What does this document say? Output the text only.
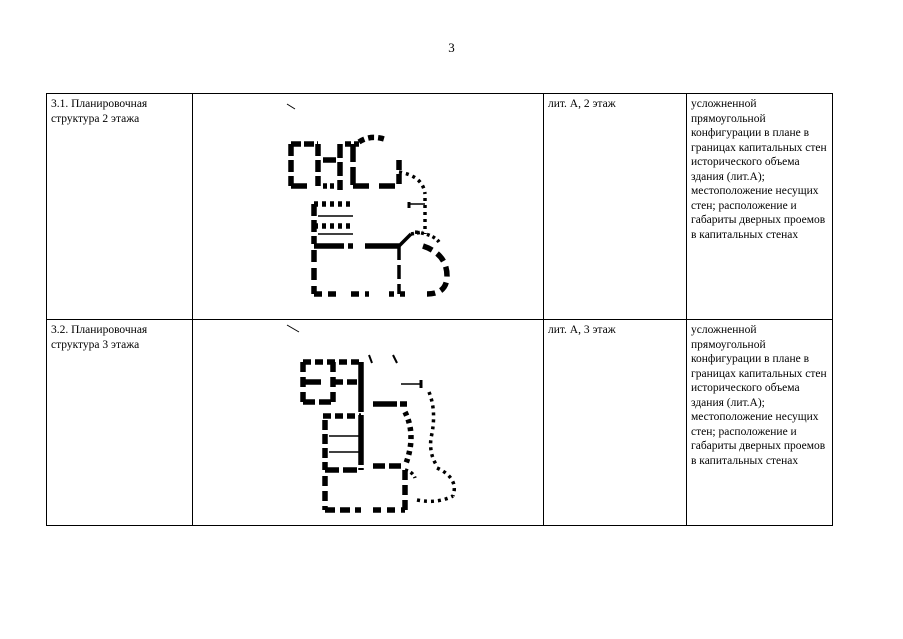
3
3.1. Планировочная структура 2 этажа		лит. А, 2 этаж	усложненной прямоугольной конфигурации в плане в границах капитальных стен исторического объема здания (лит.А); местоположение несущих стен; расположение и габариты дверных проемов в капитальных стенах
3.2. Планировочная структура 3 этажа		лит. А, 3 этаж	усложненной прямоугольной конфигурации в плане в границах капитальных стен исторического объема здания (лит.А); местоположение несущих стен; расположение и габариты дверных проемов в капитальных стенах
